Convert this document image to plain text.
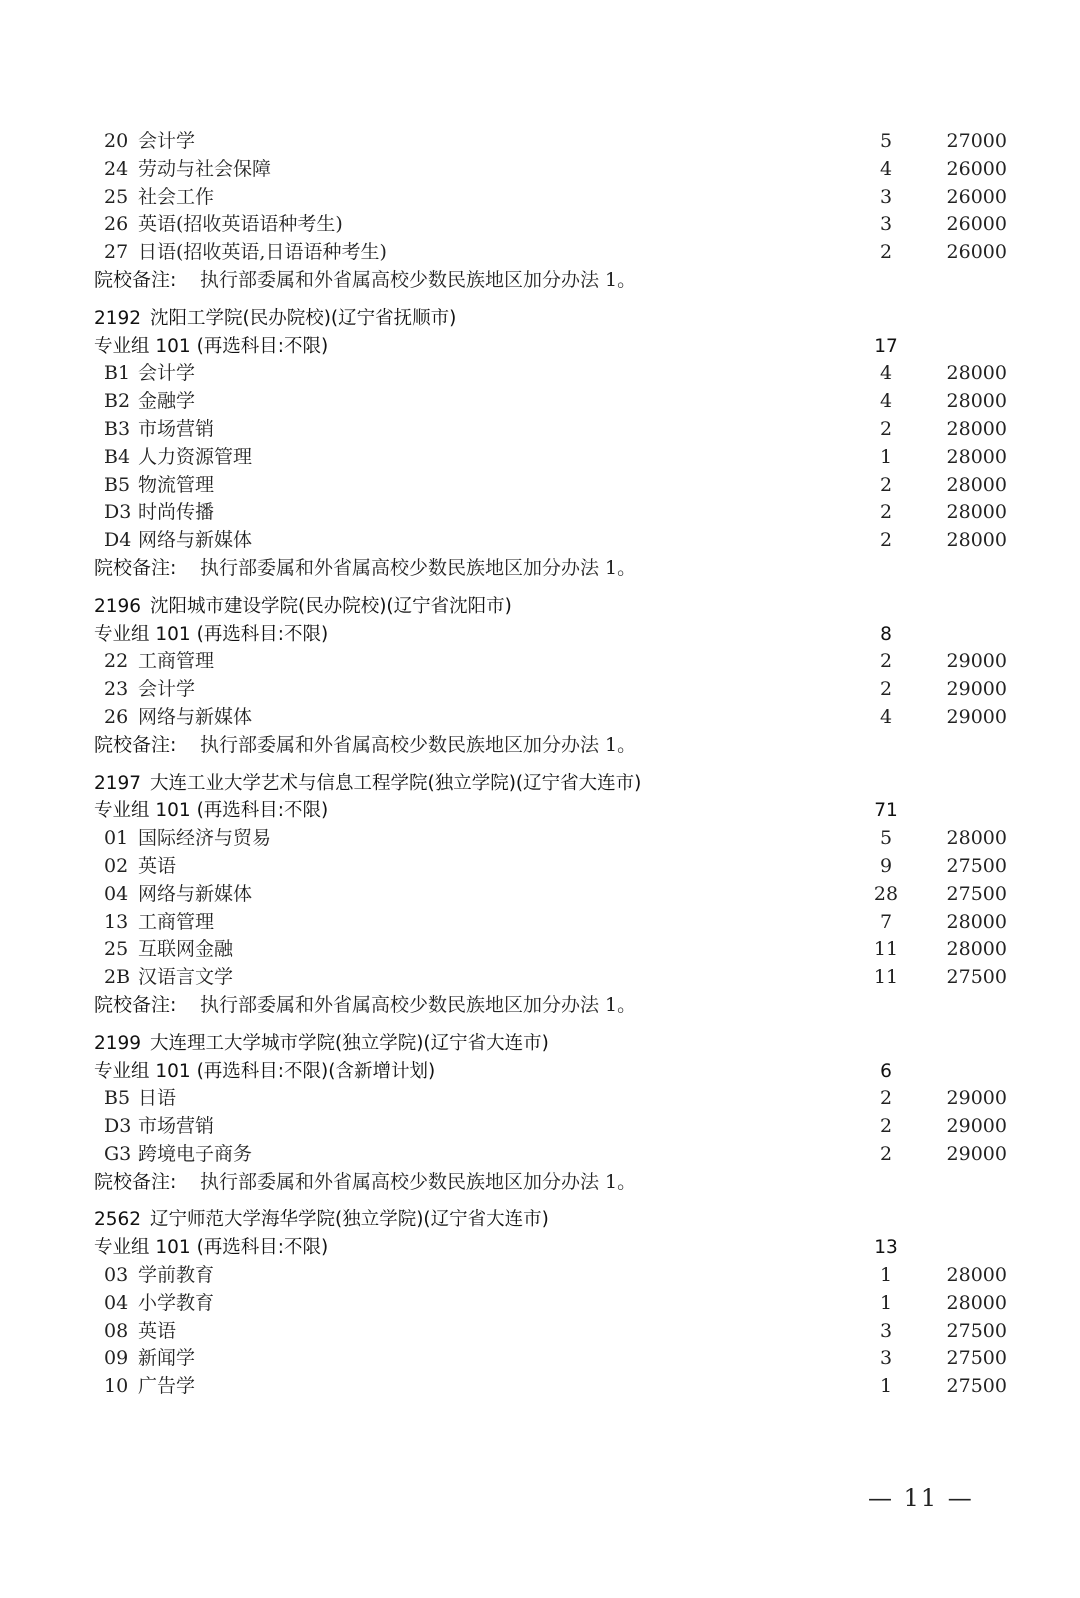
20 会计学	5	27000
24 劳动与社会保障	4	26000
25 社会工作	3	26000
26 英语(招收英语语种考生)	3	26000
27 日语(招收英语,日语语种考生)	2	26000
院校备注: 执行部委属和外省属高校少数民族地区加分办法 1。
2192 沈阳工学院(民办院校)(辽宁省抚顺市)
专业组 101 (再选科目:不限)	17
B1 会计学	4	28000
B2 金融学	4	28000
B3 市场营销	2	28000
B4 人力资源管理	1	28000
B5 物流管理	2	28000
D3 时尚传播	2	28000
D4 网络与新媒体	2	28000
院校备注: 执行部委属和外省属高校少数民族地区加分办法 1。
2196 沈阳城市建设学院(民办院校)(辽宁省沈阳市)
专业组 101 (再选科目:不限)	8
22 工商管理	2	29000
23 会计学	2	29000
26 网络与新媒体	4	29000
院校备注: 执行部委属和外省属高校少数民族地区加分办法 1。
2197 大连工业大学艺术与信息工程学院(独立学院)(辽宁省大连市)
专业组 101 (再选科目:不限)	71
01 国际经济与贸易	5	28000
02 英语	9	27500
04 网络与新媒体	28	27500
13 工商管理	7	28000
25 互联网金融	11	28000
2B 汉语言文学	11	27500
院校备注: 执行部委属和外省属高校少数民族地区加分办法 1。
2199 大连理工大学城市学院(独立学院)(辽宁省大连市)
专业组 101 (再选科目:不限)(含新增计划)	6
B5 日语	2	29000
D3 市场营销	2	29000
G3 跨境电子商务	2	29000
院校备注: 执行部委属和外省属高校少数民族地区加分办法 1。
2562 辽宁师范大学海华学院(独立学院)(辽宁省大连市)
专业组 101 (再选科目:不限)	13
03 学前教育	1	28000
04 小学教育	1	28000
08 英语	3	27500
09 新闻学	3	27500
10 广告学	1	27500
— 11 —
